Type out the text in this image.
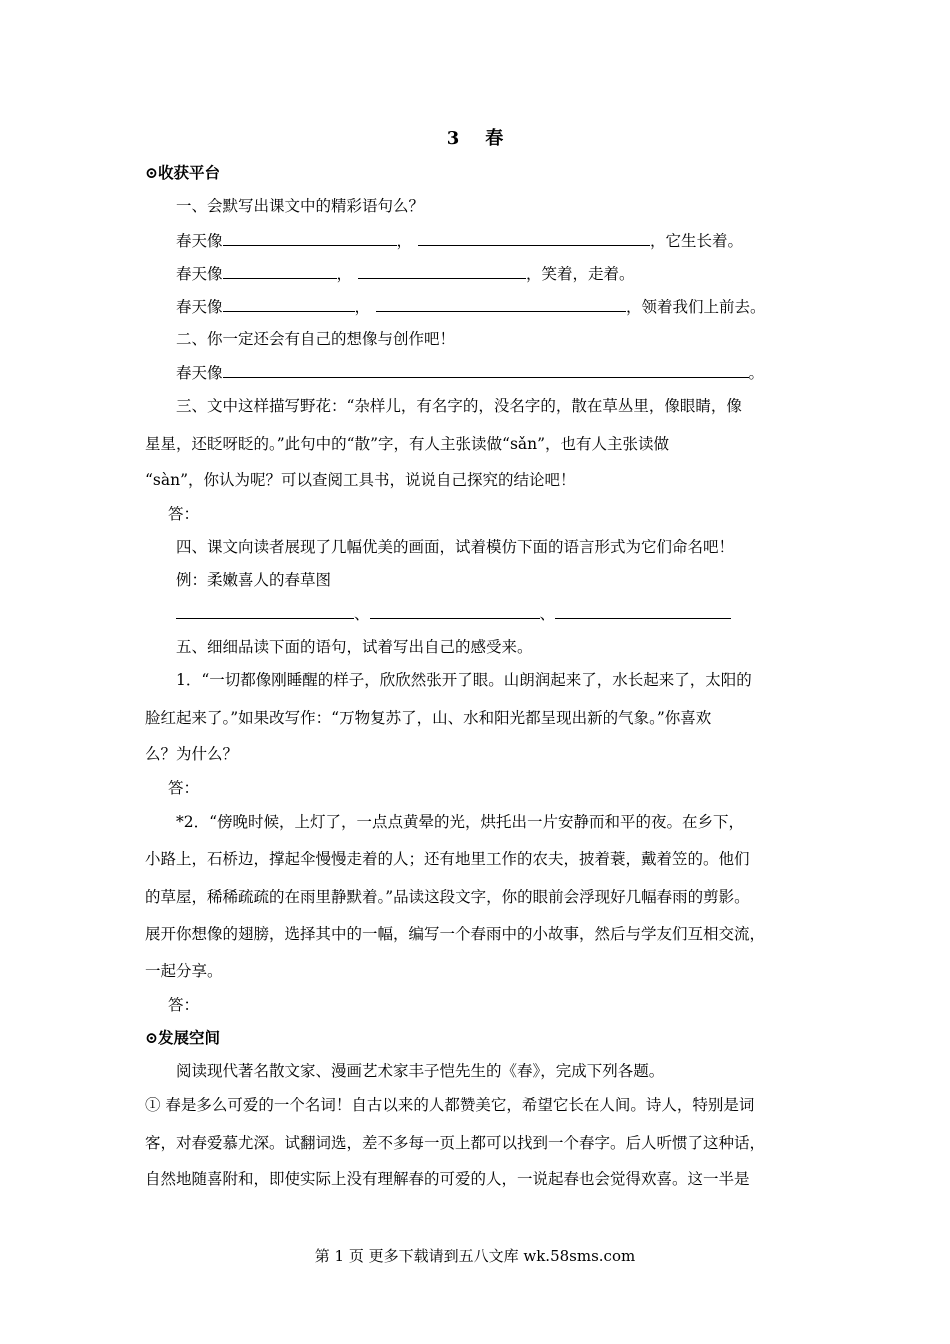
3 春
⊙收获平台
一、会默写出课文中的精彩语句么？
春天像	，	，它生长着。
春天像	，	，笑着，走着。
春天像	，	，领着我们上前去。
二、你一定还会有自己的想像与创作吧！
春天像	。
三、文中这样描写野花：“杂样儿，有名字的，没名字的，散在草丛里，像眼睛，像
星星，还眨呀眨的。”此句中的“散”字，有人主张读做“sǎn”，也有人主张读做
“sàn”，你认为呢？可以查阅工具书，说说自己探究的结论吧！
答：
四、课文向读者展现了几幅优美的画面，试着模仿下面的语言形式为它们命名吧！
例：柔嫩喜人的春草图
、	、
五、细细品读下面的语句，试着写出自己的感受来。
1．“一切都像刚睡醒的样子，欣欣然张开了眼。山朗润起来了，水长起来了，太阳的
脸红起来了。”如果改写作：“万物复苏了，山、水和阳光都呈现出新的气象。”你喜欢
么？为什么？
答：
*2．“傍晚时候，上灯了，一点点黄晕的光，烘托出一片安静而和平的夜。在乡下，
小路上，石桥边，撑起伞慢慢走着的人；还有地里工作的农夫，披着蓑，戴着笠的。他们
的草屋，稀稀疏疏的在雨里静默着。”品读这段文字，你的眼前会浮现好几幅春雨的剪影。
展开你想像的翅膀，选择其中的一幅，编写一个春雨中的小故事，然后与学友们互相交流，
一起分享。
答：
⊙发展空间
阅读现代著名散文家、漫画艺术家丰子恺先生的《春》，完成下列各题。
① 春是多么可爱的一个名词！自古以来的人都赞美它，希望它长在人间。诗人，特别是词
客，对春爱慕尤深。试翻词选，差不多每一页上都可以找到一个春字。后人听惯了这种话，
自然地随喜附和，即使实际上没有理解春的可爱的人，一说起春也会觉得欢喜。这一半是
第 1 页 更多下载请到五八文库 wk.58sms.com
